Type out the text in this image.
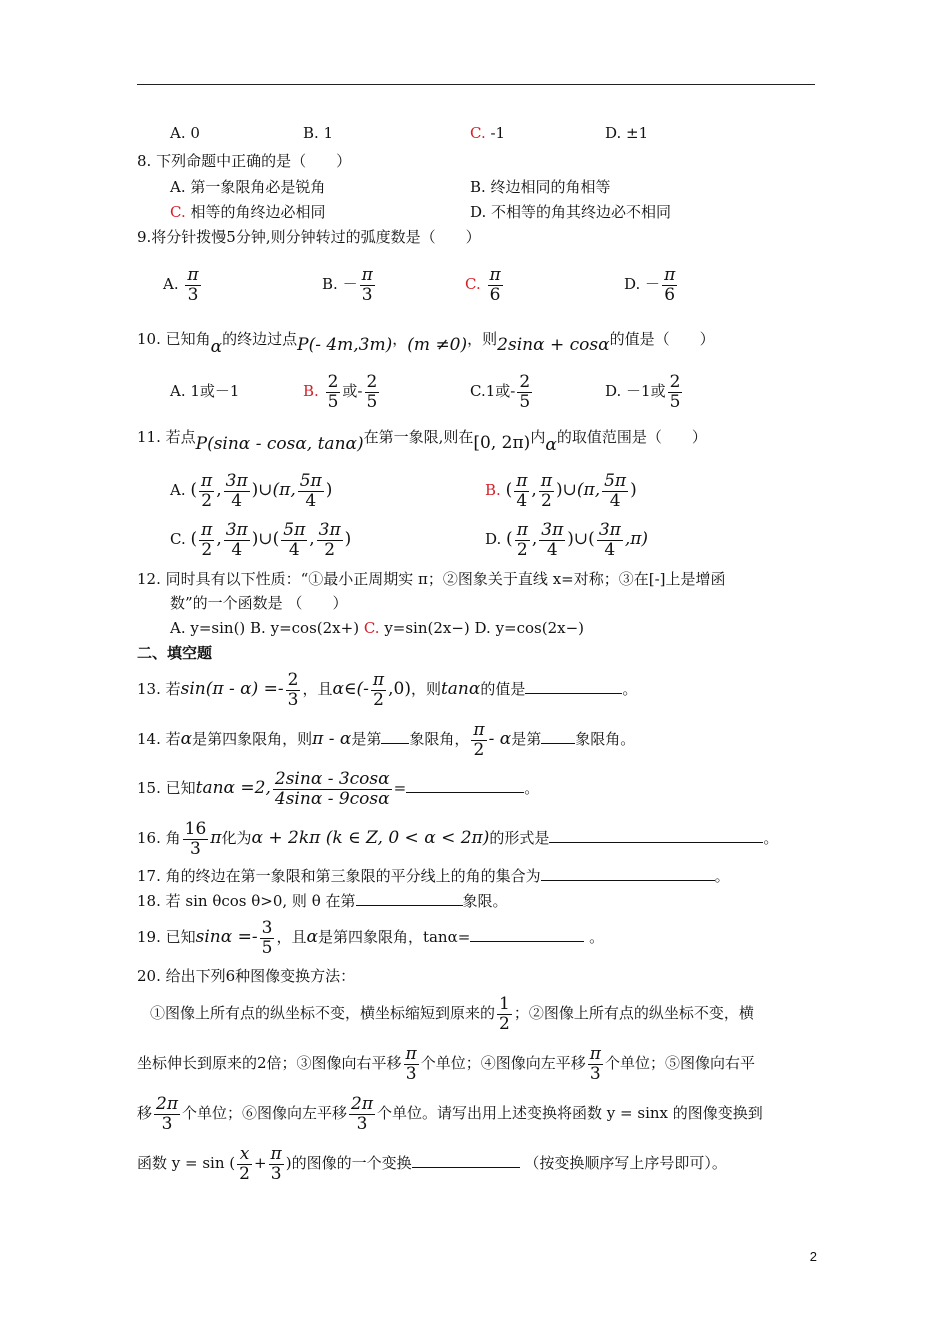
A. 0	B. 1	C. -1	D. ±1
8. 下列命题中正确的是（　　）
A. 第一象限角必是锐角	B. 终边相同的角相等
C. 相等的角终边必相同	D. 不相等的角其终边必不相同
9.将分针拨慢5分钟,则分钟转过的弧度数是（　　）
A. $\frac{\pi}{3}$	B. － $\frac{\pi}{3}$	C. $\frac{\pi}{6}$	D. － $\frac{\pi}{6}$
10. 已知角α的终边过点P(- 4m,3m)，(m ≠0)，则2sinα + cosα的值是（　　）
A. 1或－1	B. $\frac{2}{5}$ 或- $\frac{2}{5}$	C.1或- $\frac{2}{5}$	D. －1或 $\frac{2}{5}$
11. 若点P(sinα - cosα, tanα)在第一象限,则在[0, 2π)内α的取值范围是（　　）
A. ( $\frac{\pi}{2}$ , $\frac{3\pi}{4}$ )∪(π, $\frac{5\pi}{4}$ )	B. ( $\frac{\pi}{4}$ , $\frac{\pi}{2}$ )∪(π, $\frac{5\pi}{4}$ )
C. ( $\frac{\pi}{2}$ , $\frac{3\pi}{4}$ )∪( $\frac{5\pi}{4}$ , $\frac{3\pi}{2}$ )	D. ( $\frac{\pi}{2}$ , $\frac{3\pi}{4}$ )∪( $\frac{3\pi}{4} ,\pi$)
12. 同时具有以下性质：“①最小正周期实 π；②图象关于直线 x=对称；③在[-]上是增函
数”的一个函数是 （　　）
A. y=sin() B. y=cos(2x+) C. y=sin(2x−) D. y=cos(2x−)
二、填空题
13. 若$\sin(\pi - \alpha) =- \frac{2}{3}$ ，且α∈(- $\frac{\pi}{2} ,0$)，则tanα的值是	。
14. 若α是第四象限角，则π - α是第 象限角， $\frac{\pi}{2}$ - α是第 象限角。
15. 已知tanα =2, $\frac{2\sin\alpha - 3\cos\alpha}{4\sin\alpha - 9\cos\alpha}$ =	。
16. 角 $\frac{16}{3}$ π化为α + 2kπ (k ∈ Z, 0 < α < 2π)的形式是	。
17. 角的终边在第一象限和第三象限的平分线上的角的集合为	。
18. 若 sin θcos θ>0, 则 θ 在第	象限。
19. 已知$\sin\alpha =- \frac{3}{5}$ ，且α是第四象限角，tanα=	。
20. 给出下列6种图像变换方法：
①图像上所有点的纵坐标不变，横坐标缩短到原来的 $\frac{1}{2}$ ；②图像上所有点的纵坐标不变，横
坐标伸长到原来的2倍；③图像向右平移 $\frac{\pi}{3}$ 个单位；④图像向左平移 $\frac{\pi}{3}$ 个单位；⑤图像向右平
移 $\frac{2\pi}{3}$ 个单位；⑥图像向左平移 $\frac{2\pi}{3}$ 个单位。请写出用上述变换将函数 y = sinx 的图像变换到
函数 y = sin ( $\frac{x}{2} + \frac{\pi}{3}$ )的图像的一个变换	（按变换顺序写上序号即可）。
2
